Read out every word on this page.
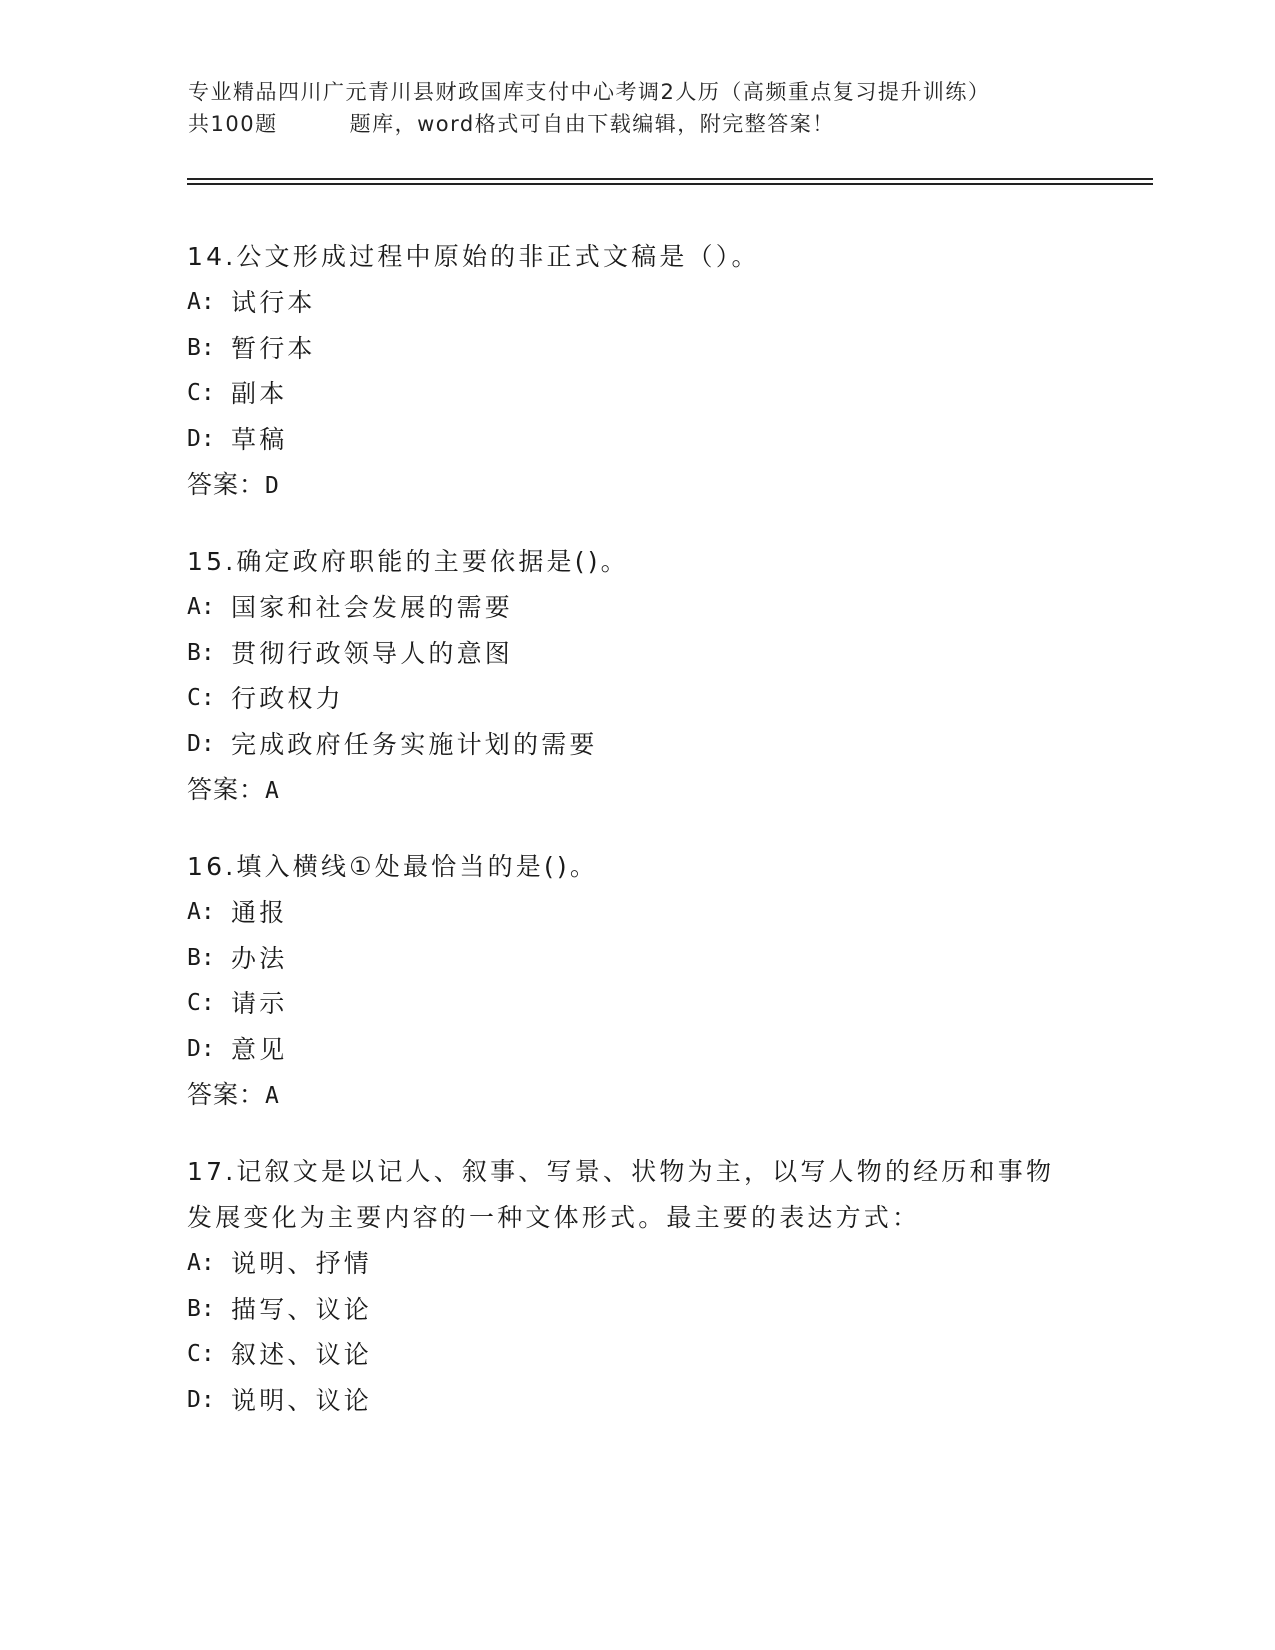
专业精品四川广元青川县财政国库支付中心考调2人历（高频重点复习提升训练）
共100题	题库，word格式可自由下载编辑，附完整答案！

14.公文形成过程中原始的非正式文稿是（）。

A: 试行本
B: 暂行本
C: 副本
D: 草稿
答案：D

15.确定政府职能的主要依据是()。

A: 国家和社会发展的需要
B: 贯彻行政领导人的意图
C: 行政权力
D: 完成政府任务实施计划的需要
答案：A

16.填入横线①处最恰当的是()。

A: 通报
B: 办法
C: 请示
D: 意见
答案：A

17.记叙文是以记人、叙事、写景、状物为主，以写人物的经历和事物

发展变化为主要内容的一种文体形式。最主要的表达方式：

A: 说明、抒情
B: 描写、议论
C: 叙述、议论
D: 说明、议论
